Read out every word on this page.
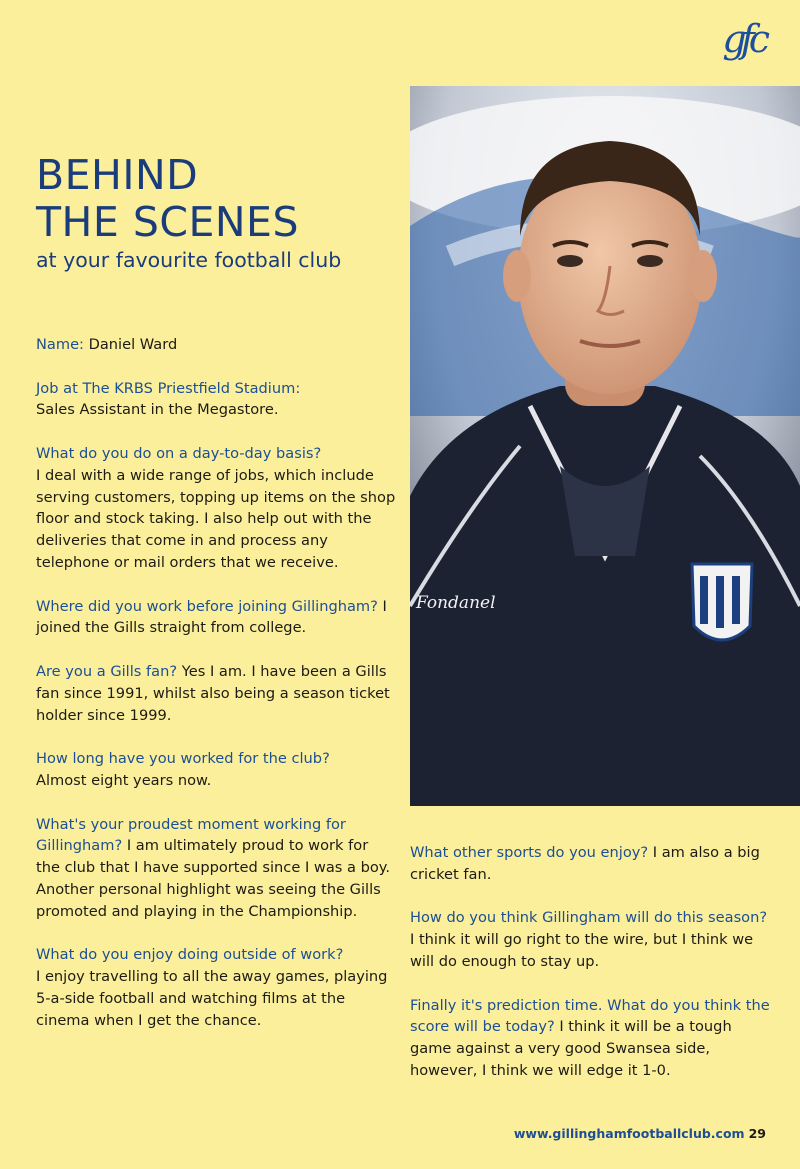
gfc
BEHIND
THE SCENES
at your favourite football club

Name: Daniel Ward

Job at The KRBS Priestfield Stadium:
Sales Assistant in the Megastore.

What do you do on a day-to-day basis?
I deal with a wide range of jobs, which include serving customers, topping up items on the shop floor and stock taking. I also help out with the deliveries that come in and process any telephone or mail orders that we receive.

Where did you work before joining Gillingham? I joined the Gills straight from college.

Are you a Gills fan? Yes I am. I have been a Gills fan since 1991, whilst also being a season ticket holder since 1999.

How long have you worked for the club?
Almost eight years now.

What's your proudest moment working for Gillingham? I am ultimately proud to work for the club that I have supported since I was a boy. Another personal highlight was seeing the Gills promoted and playing in the Championship.

What do you enjoy doing outside of work?
I enjoy travelling to all the away games, playing 5-a-side football and watching films at the cinema when I get the chance.

Fondanel

What other sports do you enjoy? I am also a big cricket fan.

How do you think Gillingham will do this season? I think it will go right to the wire, but I think we will do enough to stay up.

Finally it's prediction time. What do you think the score will be today? I think it will be a tough game against a very good Swansea side, however, I think we will edge it 1-0.

www.gillinghamfootballclub.com 29
